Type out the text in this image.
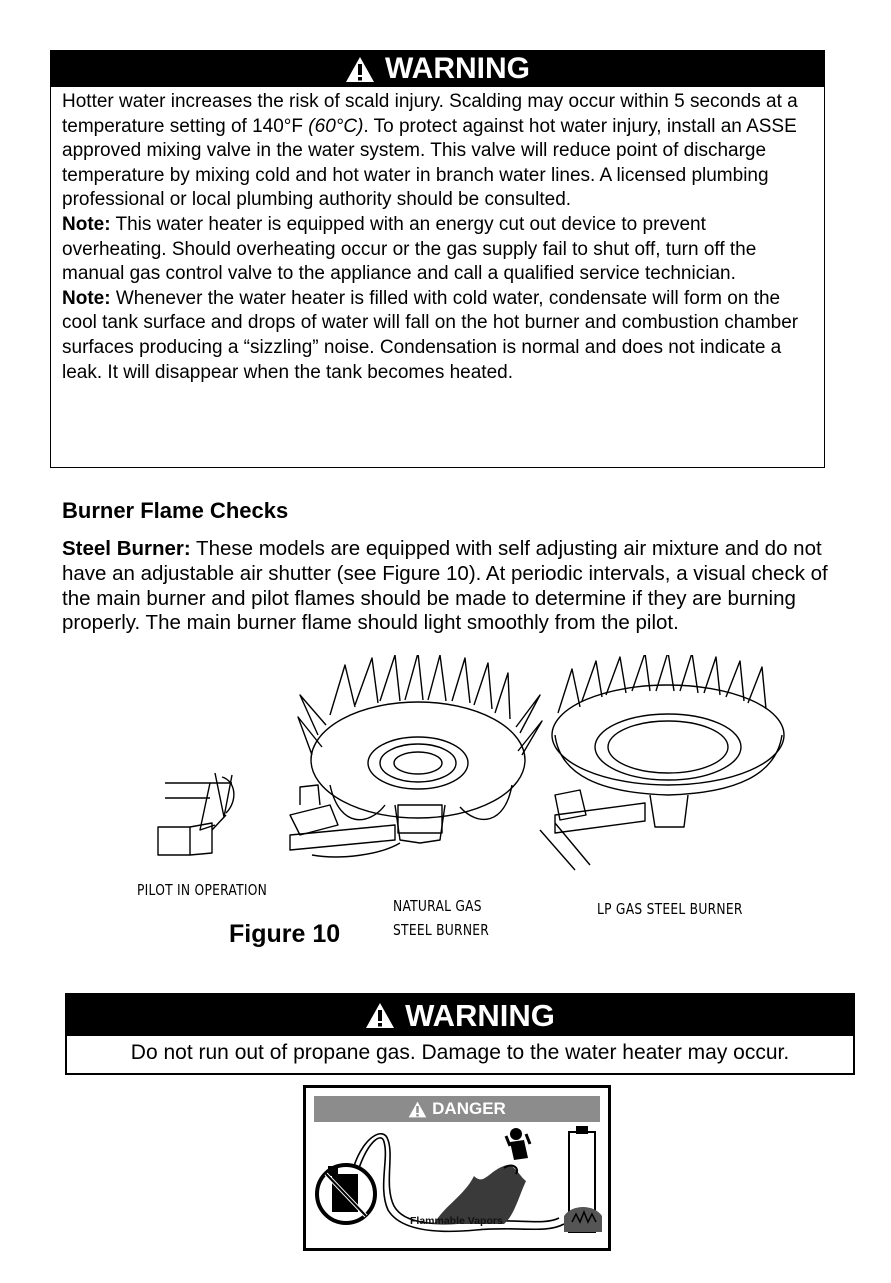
WARNING
Hotter water increases the risk of scald injury. Scalding may occur within 5 seconds at a temperature setting of 140°F (60°C). To protect against hot water injury, install an ASSE approved mixing valve in the water system. This valve will reduce point of discharge temperature by mixing cold and hot water in branch water lines. A licensed plumbing professional or local plumbing authority should be consulted.
Note: This water heater is equipped with an energy cut out device to prevent overheating. Should overheating occur or the gas supply fail to shut off, turn off the manual gas control valve to the appliance and call a qualified service technician.
Note: Whenever the water heater is filled with cold water, condensate will form on the cool tank surface and drops of water will fall on the hot burner and combustion chamber surfaces producing a “sizzling” noise. Condensation is normal and does not indicate a leak. It will disappear when the tank becomes heated.
Burner Flame Checks

Steel Burner: These models are equipped with self adjusting air mixture and do not have an adjustable air shutter (see Figure 10). At periodic intervals, a visual check of the main burner and pilot flames should be made to determine if they are burning properly. The main burner flame should light smoothly from the pilot.

PILOT IN OPERATION
NATURAL GAS
STEEL BURNER
LP GAS STEEL BURNER
Figure 10
WARNING
Do not run out of propane gas. Damage to the water heater may occur.
DANGER
Flammable Vapors
FLAMMABLE
